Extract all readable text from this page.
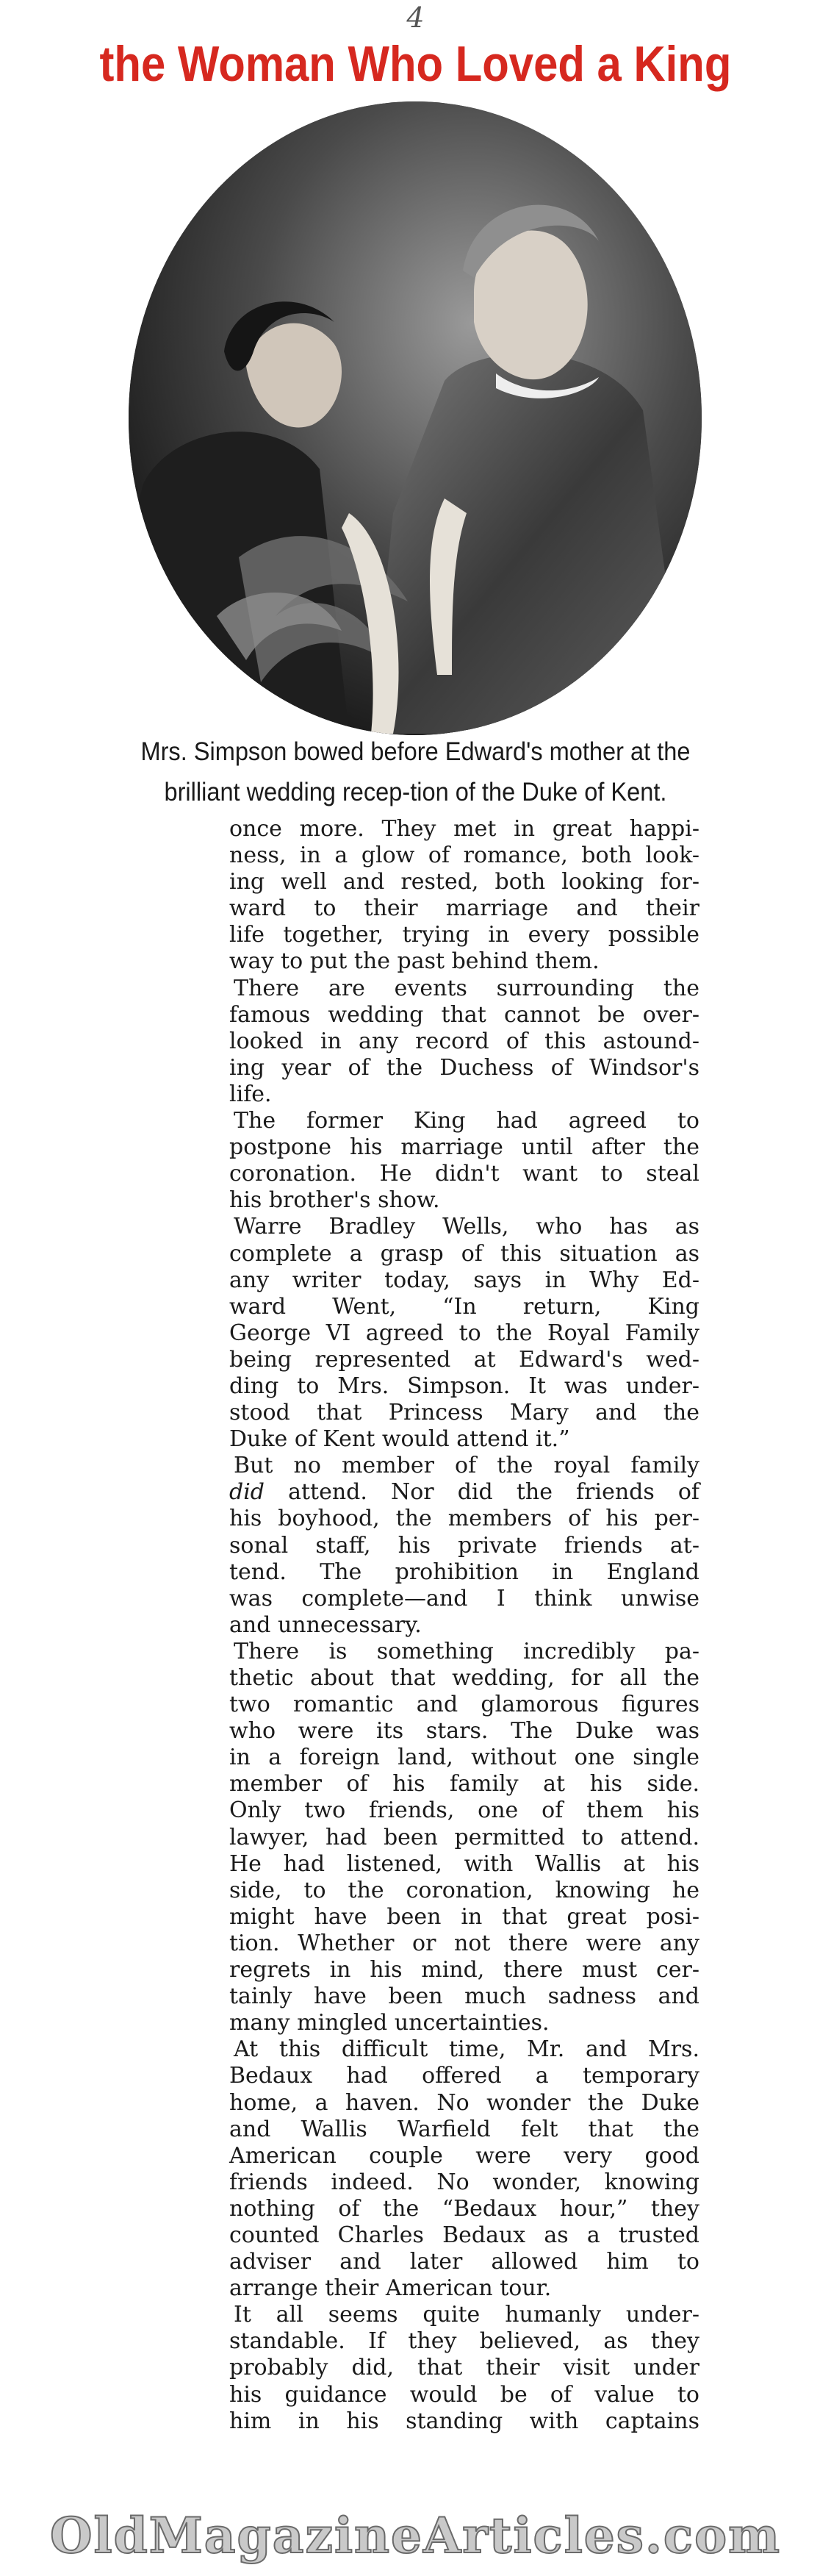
4
the Woman Who Loved a King
Mrs. Simpson bowed before Edward's mother at the
brilliant wedding recep-tion of the Duke of Kent.
once more. They met in great happi-
ness, in a glow of romance, both look-
ing well and rested, both looking for-
ward to their marriage and their
life together, trying in every possible
way to put the past behind them.
There are events surrounding the
famous wedding that cannot be over-
looked in any record of this astound-
ing year of the Duchess of Windsor's
life.
The former King had agreed to
postpone his marriage until after the
coronation. He didn't want to steal
his brother's show.
Warre Bradley Wells, who has as
complete a grasp of this situation as
any writer today, says in Why Ed-
ward Went, “In return, King
George VI agreed to the Royal Family
being represented at Edward's wed-
ding to Mrs. Simpson. It was under-
stood that Princess Mary and the
Duke of Kent would attend it.”
But no member of the royal family
did attend. Nor did the friends of
his boyhood, the members of his per-
sonal staff, his private friends at-
tend. The prohibition in England
was complete—and I think unwise
and unnecessary.
There is something incredibly pa-
thetic about that wedding, for all the
two romantic and glamorous figures
who were its stars. The Duke was
in a foreign land, without one single
member of his family at his side.
Only two friends, one of them his
lawyer, had been permitted to attend.
He had listened, with Wallis at his
side, to the coronation, knowing he
might have been in that great posi-
tion. Whether or not there were any
regrets in his mind, there must cer-
tainly have been much sadness and
many mingled uncertainties.
At this difficult time, Mr. and Mrs.
Bedaux had offered a temporary
home, a haven. No wonder the Duke
and Wallis Warfield felt that the
American couple were very good
friends indeed. No wonder, knowing
nothing of the “Bedaux hour,” they
counted Charles Bedaux as a trusted
adviser and later allowed him to
arrange their American tour.
It all seems quite humanly under-
standable. If they believed, as they
probably did, that their visit under
his guidance would be of value to
him in his standing with captains
OldMagazineArticles.com
